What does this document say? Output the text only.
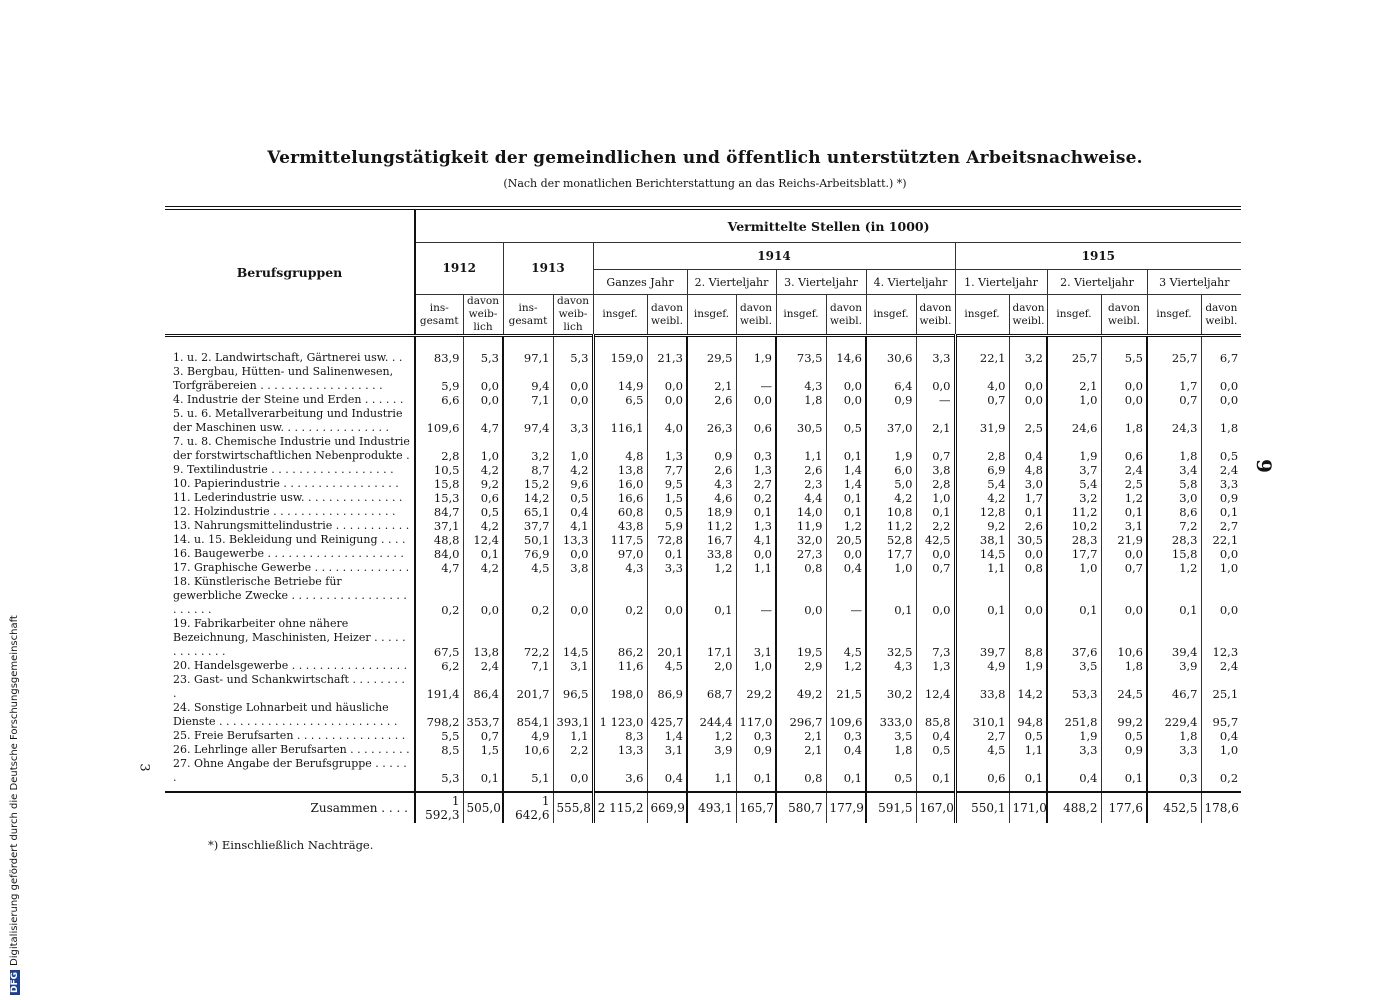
Vermittelungstätigkeit der gemeindlichen und öffentlich unterstützten Arbeitsnachweise.
(Nach der monatlichen Berichterstattung an das Reichs-Arbeitsblatt.) *)
Berufsgruppen	Vermittelte Stellen (in 1000)																	
	1912		1913		1914								1915					
					Ganzes Jahr		2. Vierteljahr		3. Vierteljahr		4. Vierteljahr		1. Vierteljahr		2. Vierteljahr		3 Vierteljahr	
	ins-gesamt	davon weib-lich	ins-gesamt	davon weib-lich	insgef.	davon weibl.	insgef.	davon weibl.	insgef.	davon weibl.	insgef.	davon weibl.	insgef.	davon weibl.	insgef.	davon weibl.	insgef.	davon weibl.
1. u. 2. Landwirtschaft, Gärtnerei usw. . .	83,9	5,3	97,1	5,3	159,0	21,3	29,5	1,9	73,5	14,6	30,6	3,3	22,1	3,2	25,7	5,5	25,7	6,7
3. Bergbau, Hütten- und Salinenwesen, Torfgräbereien . . . . . . . . . . . . . . . . . .	5,9	0,0	9,4	0,0	14,9	0,0	2,1	—	4,3	0,0	6,4	0,0	4,0	0,0	2,1	0,0	1,7	0,0
4. Industrie der Steine und Erden . . . . . .	6,6	0,0	7,1	0,0	6,5	0,0	2,6	0,0	1,8	0,0	0,9	—	0,7	0,0	1,0	0,0	0,7	0,0
5. u. 6. Metallverarbeitung und Industrie der Maschinen usw. . . . . . . . . . . . . . . .	109,6	4,7	97,4	3,3	116,1	4,0	26,3	0,6	30,5	0,5	37,0	2,1	31,9	2,5	24,6	1,8	24,3	1,8
7. u. 8. Chemische Industrie und Industrie der forstwirtschaftlichen Nebenprodukte .	2,8	1,0	3,2	1,0	4,8	1,3	0,9	0,3	1,1	0,1	1,9	0,7	2,8	0,4	1,9	0,6	1,8	0,5
9. Textilindustrie . . . . . . . . . . . . . . . . . .	10,5	4,2	8,7	4,2	13,8	7,7	2,6	1,3	2,6	1,4	6,0	3,8	6,9	4,8	3,7	2,4	3,4	2,4
10. Papierindustrie . . . . . . . . . . . . . . . . .	15,8	9,2	15,2	9,6	16,0	9,5	4,3	2,7	2,3	1,4	5,0	2,8	5,4	3,0	5,4	2,5	5,8	3,3
11. Lederindustrie usw. . . . . . . . . . . . . . .	15,3	0,6	14,2	0,5	16,6	1,5	4,6	0,2	4,4	0,1	4,2	1,0	4,2	1,7	3,2	1,2	3,0	0,9
12. Holzindustrie . . . . . . . . . . . . . . . . . .	84,7	0,5	65,1	0,4	60,8	0,5	18,9	0,1	14,0	0,1	10,8	0,1	12,8	0,1	11,2	0,1	8,6	0,1
13. Nahrungsmittelindustrie . . . . . . . . . . .	37,1	4,2	37,7	4,1	43,8	5,9	11,2	1,3	11,9	1,2	11,2	2,2	9,2	2,6	10,2	3,1	7,2	2,7
14. u. 15. Bekleidung und Reinigung . . . .	48,8	12,4	50,1	13,3	117,5	72,8	16,7	4,1	32,0	20,5	52,8	42,5	38,1	30,5	28,3	21,9	28,3	22,1
16. Baugewerbe . . . . . . . . . . . . . . . . . . . .	84,0	0,1	76,9	0,0	97,0	0,1	33,8	0,0	27,3	0,0	17,7	0,0	14,5	0,0	17,7	0,0	15,8	0,0
17. Graphische Gewerbe . . . . . . . . . . . . . .	4,7	4,2	4,5	3,8	4,3	3,3	1,2	1,1	0,8	0,4	1,0	0,7	1,1	0,8	1,0	0,7	1,2	1,0
18. Künstlerische Betriebe für gewerbliche Zwecke . . . . . . . . . . . . . . . . . . . . . . .	0,2	0,0	0,2	0,0	0,2	0,0	0,1	—	0,0	—	0,1	0,0	0,1	0,0	0,1	0,0	0,1	0,0
19. Fabrikarbeiter ohne nähere Bezeichnung, Maschinisten, Heizer . . . . . . . . . . . . .	67,5	13,8	72,2	14,5	86,2	20,1	17,1	3,1	19,5	4,5	32,5	7,3	39,7	8,8	37,6	10,6	39,4	12,3
20. Handelsgewerbe . . . . . . . . . . . . . . . . .	6,2	2,4	7,1	3,1	11,6	4,5	2,0	1,0	2,9	1,2	4,3	1,3	4,9	1,9	3,5	1,8	3,9	2,4
23. Gast- und Schankwirtschaft . . . . . . . . .	191,4	86,4	201,7	96,5	198,0	86,9	68,7	29,2	49,2	21,5	30,2	12,4	33,8	14,2	53,3	24,5	46,7	25,1
24. Sonstige Lohnarbeit und häusliche Dienste . . . . . . . . . . . . . . . . . . . . . . . . . .	798,2	353,7	854,1	393,1	1 123,0	425,7	244,4	117,0	296,7	109,6	333,0	85,8	310,1	94,8	251,8	99,2	229,4	95,7
25. Freie Berufsarten . . . . . . . . . . . . . . . .	5,5	0,7	4,9	1,1	8,3	1,4	1,2	0,3	2,1	0,3	3,5	0,4	2,7	0,5	1,9	0,5	1,8	0,4
26. Lehrlinge aller Berufsarten . . . . . . . . .	8,5	1,5	10,6	2,2	13,3	3,1	3,9	0,9	2,1	0,4	1,8	0,5	4,5	1,1	3,3	0,9	3,3	1,0
27. Ohne Angabe der Berufsgruppe . . . . . .	5,3	0,1	5,1	0,0	3,6	0,4	1,1	0,1	0,8	0,1	0,5	0,1	0,6	0,1	0,4	0,1	0,3	0,2
Zusammen . . . .	1 592,3	505,0	1 642,6	555,8	2 115,2	669,9	493,1	165,7	580,7	177,9	591,5	167,0	550,1	171,0	488,2	177,6	452,5	178,6
*) Einschließlich Nachträge.
9
3
DFGDigitalisierung gefördert durch die Deutsche Forschungsgemeinschaft
